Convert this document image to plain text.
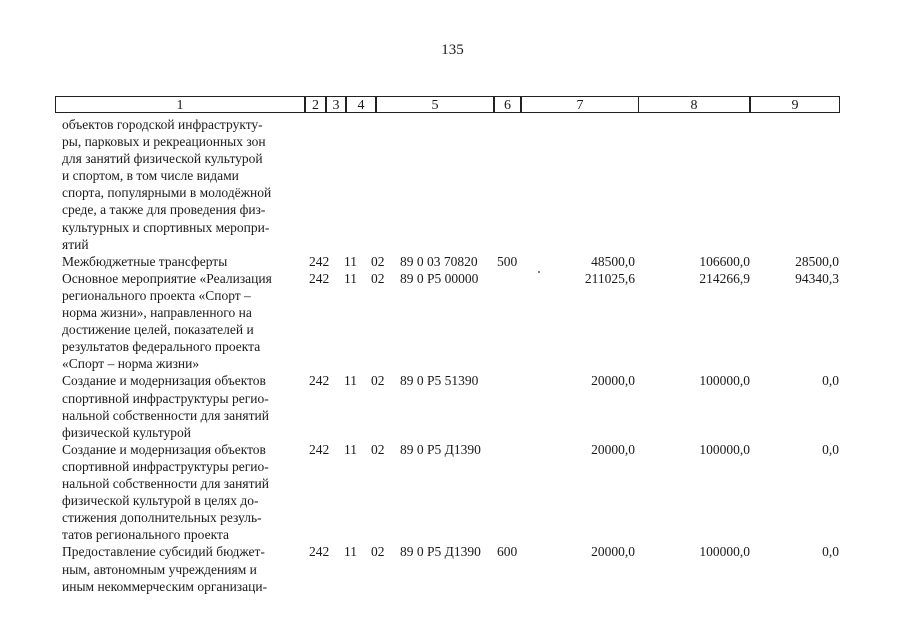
135
1	2 3	4	5	6	7	8	9
объектов городской инфраструкту-
ры, парковых и рекреационных зон
для занятий физической культурой
и спортом, в том числе видами
спорта, популярными в молодёжной
среде, а также для проведения физ-
культурных и спортивных меропри-
ятий
Межбюджетные трансферты	242 11 02 89 0 03 70820 500	48500,0	106600,0	28500,0
Основное мероприятие «Реализация
регионального проекта «Спорт –
норма жизни», направленного на
достижение целей, показателей и
результатов федерального проекта
«Спорт – норма жизни»
242 11 02 89 0 P5 00000	211025,6	214266,9	94340,3
Создание и модернизация объектов
спортивной инфраструктуры регио-
нальной собственности для занятий
физической культурой
242 11 02 89 0 P5 51390	20000,0	100000,0	0,0
Создание и модернизация объектов
спортивной инфраструктуры регио-
нальной собственности для занятий
физической культурой в целях до-
стижения дополнительных резуль-
татов регионального проекта
242 11 02 89 0 P5 Д1390	20000,0	100000,0	0,0
Предоставление субсидий бюджет-
ным, автономным учреждениям и
иным некоммерческим организаци-
242 11 02 89 0 P5 Д1390 600	20000,0	100000,0	0,0
